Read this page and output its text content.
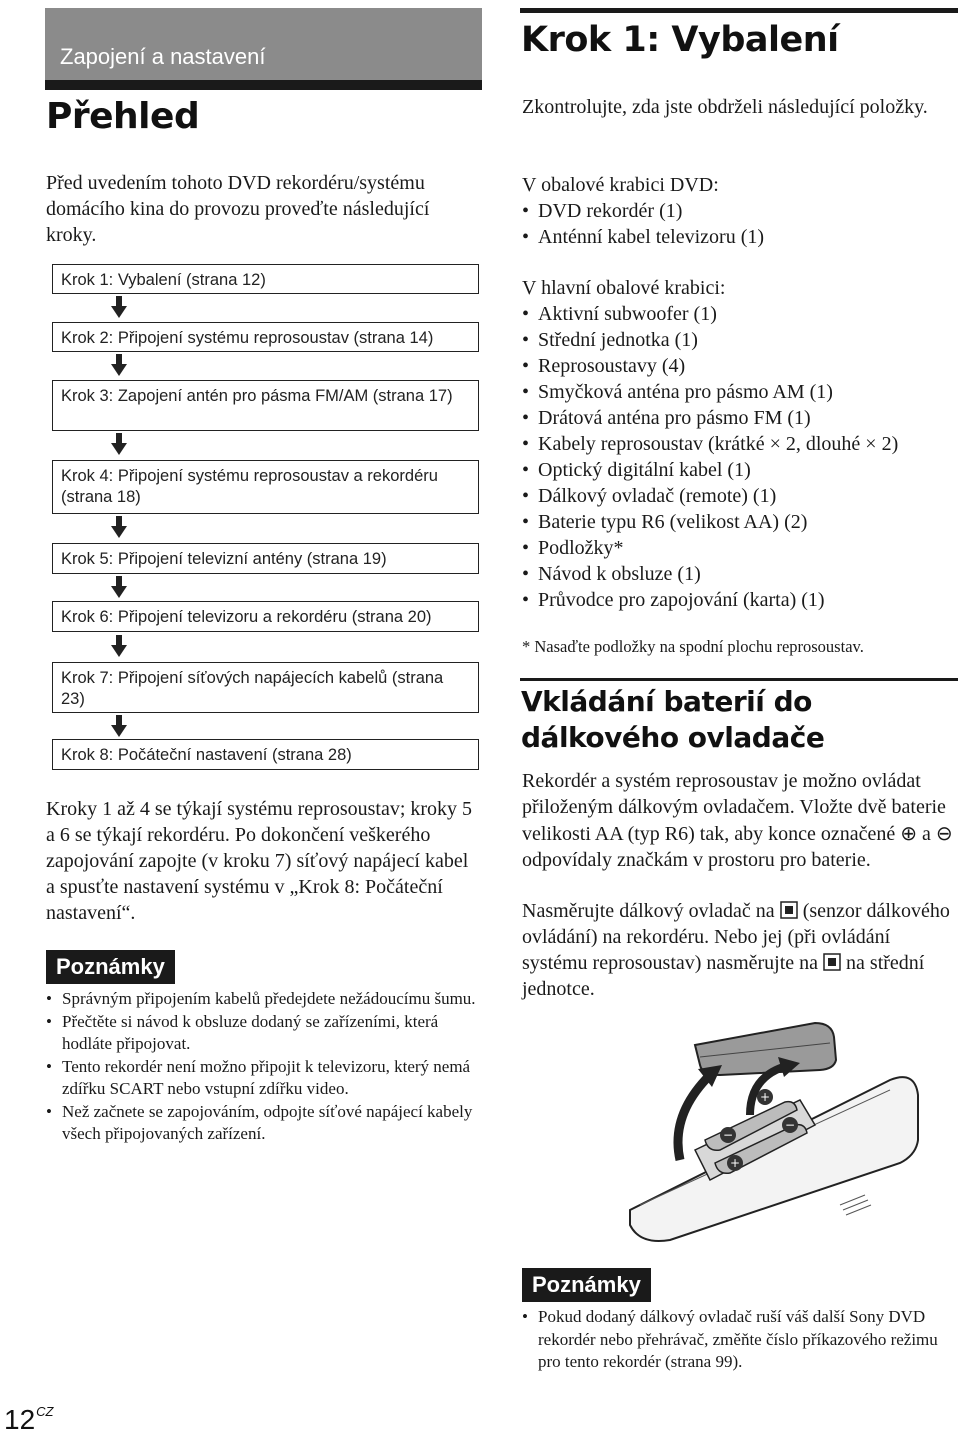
Zapojení a nastavení
Přehled
Před uvedením tohoto DVD rekordéru/systému domácího kina do provozu proveďte následující kroky.
Krok 1: Vybalení (strana 12)
Krok 2: Připojení systému reprosoustav (strana 14)
Krok 3: Zapojení antén pro pásma FM/AM (strana 17)
Krok 4: Připojení systému reprosoustav a rekordéru (strana 18)
Krok 5: Připojení televizní antény (strana 19)
Krok 6: Připojení televizoru a rekordéru (strana 20)
Krok 7: Připojení síťových napájecích kabelů (strana 23)
Krok 8: Počáteční nastavení (strana 28)
Kroky 1 až 4 se týkají systému reprosoustav; kroky 5 a 6 se týkají rekordéru. Po dokončení veškerého zapojování zapojte (v kroku 7) síťový napájecí kabel a spusťte nastavení systému v „Krok 8: Počáteční nastavení“.
Poznámky
• Správným připojením kabelů předejdete nežádoucímu šumu.
• Přečtěte si návod k obsluze dodaný se zařízeními, která hodláte připojovat.
• Tento rekordér není možno připojit k televizoru, který nemá zdířku SCART nebo vstupní zdířku video.
• Než začnete se zapojováním, odpojte síťové napájecí kabely všech připojovaných zařízení.
Krok 1: Vybalení
Zkontrolujte, zda jste obdrželi následující položky.
V obalové krabici DVD:
• DVD rekordér (1)
• Anténní kabel televizoru (1)
V hlavní obalové krabici:
• Aktivní subwoofer (1)
• Střední jednotka (1)
• Reprosoustavy (4)
• Smyčková anténa pro pásmo AM (1)
• Drátová anténa pro pásmo FM (1)
• Kabely reprosoustav (krátké × 2, dlouhé × 2)
• Optický digitální kabel (1)
• Dálkový ovladač (remote) (1)
• Baterie typu R6 (velikost AA) (2)
• Podložky*
• Návod k obsluze (1)
• Průvodce pro zapojování (karta) (1)
* Nasaďte podložky na spodní plochu reprosoustav.
Vkládání baterií do dálkového ovladače
Rekordér a systém reprosoustav je možno ovládat přiloženým dálkovým ovladačem. Vložte dvě baterie velikosti AA (typ R6) tak, aby konce označené ⊕ a ⊖ odpovídaly značkám v prostoru pro baterie.
Nasměrujte dálkový ovladač na  (senzor dálkového ovládání) na rekordéru. Nebo jej (při ovládání systému reprosoustav) nasměrujte na  na střední jednotce.
−
+
+
−
Poznámky
• Pokud dodaný dálkový ovladač ruší váš další Sony DVD rekordér nebo přehrávač, změňte číslo příkazového režimu pro tento rekordér (strana 99).
$12^{CZ}$
